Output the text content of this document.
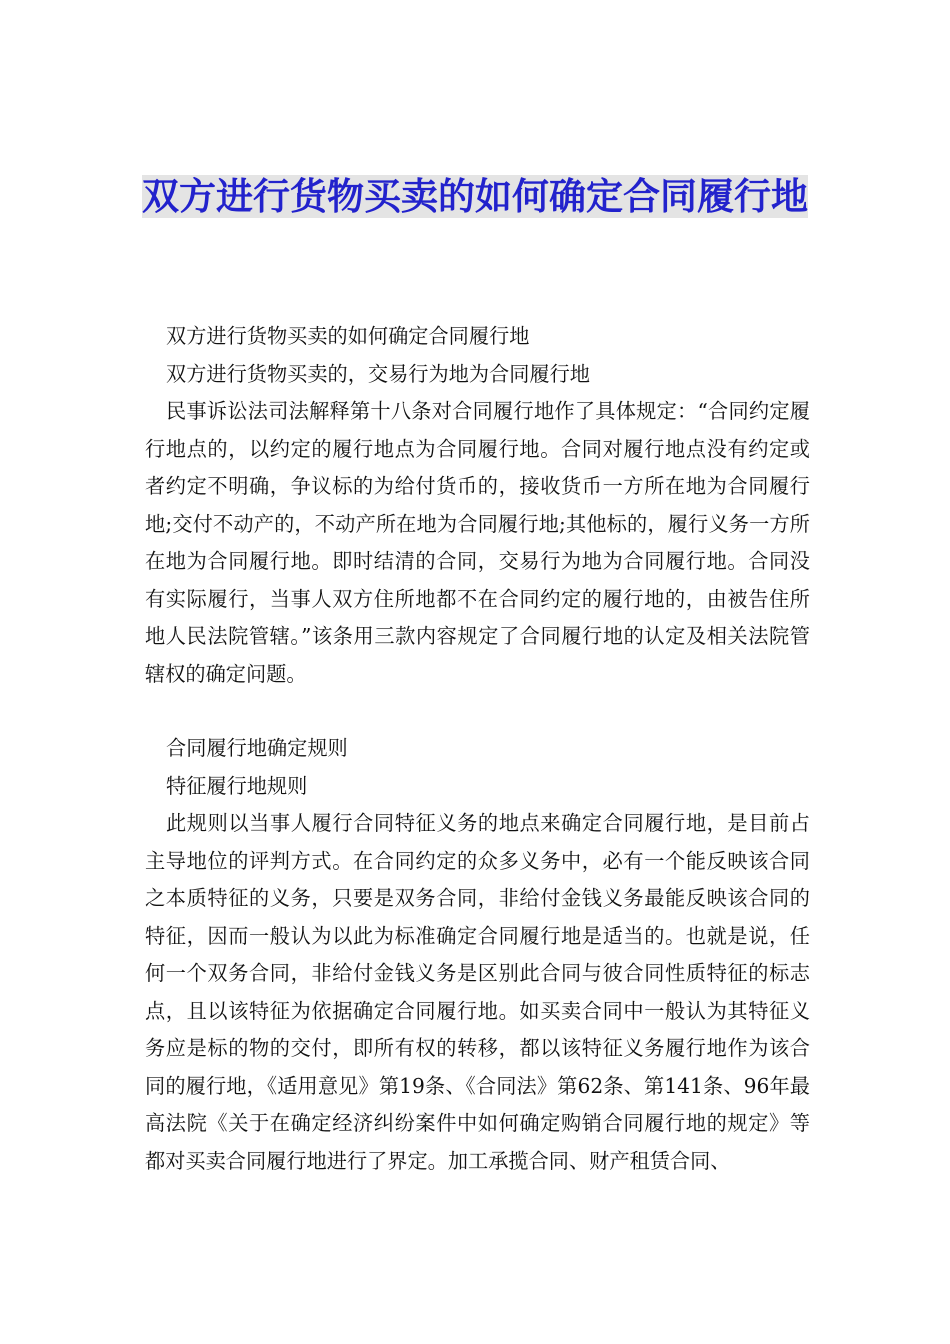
双方进行货物买卖的如何确定合同履行地

双方进行货物买卖的如何确定合同履行地

双方进行货物买卖的，交易行为地为合同履行地

民事诉讼法司法解释第十八条对合同履行地作了具体规定：“合同约定履行地点的，以约定的履行地点为合同履行地。合同对履行地点没有约定或者约定不明确，争议标的为给付货币的，接收货币一方所在地为合同履行地;交付不动产的，不动产所在地为合同履行地;其他标的，履行义务一方所在地为合同履行地。即时结清的合同，交易行为地为合同履行地。合同没有实际履行，当事人双方住所地都不在合同约定的履行地的，由被告住所地人民法院管辖。”该条用三款内容规定了合同履行地的认定及相关法院管辖权的确定问题。

合同履行地确定规则

特征履行地规则

此规则以当事人履行合同特征义务的地点来确定合同履行地，是目前占主导地位的评判方式。在合同约定的众多义务中，必有一个能反映该合同之本质特征的义务，只要是双务合同，非给付金钱义务最能反映该合同的特征，因而一般认为以此为标准确定合同履行地是适当的。也就是说，任何一个双务合同，非给付金钱义务是区别此合同与彼合同性质特征的标志点，且以该特征为依据确定合同履行地。如买卖合同中一般认为其特征义务应是标的物的交付，即所有权的转移，都以该特征义务履行地作为该合同的履行地，《适用意见》第19条、《合同法》第62条、第141条、96年最高法院《关于在确定经济纠纷案件中如何确定购销合同履行地的规定》等都对买卖合同履行地进行了界定。加工承揽合同、财产租赁合同、
